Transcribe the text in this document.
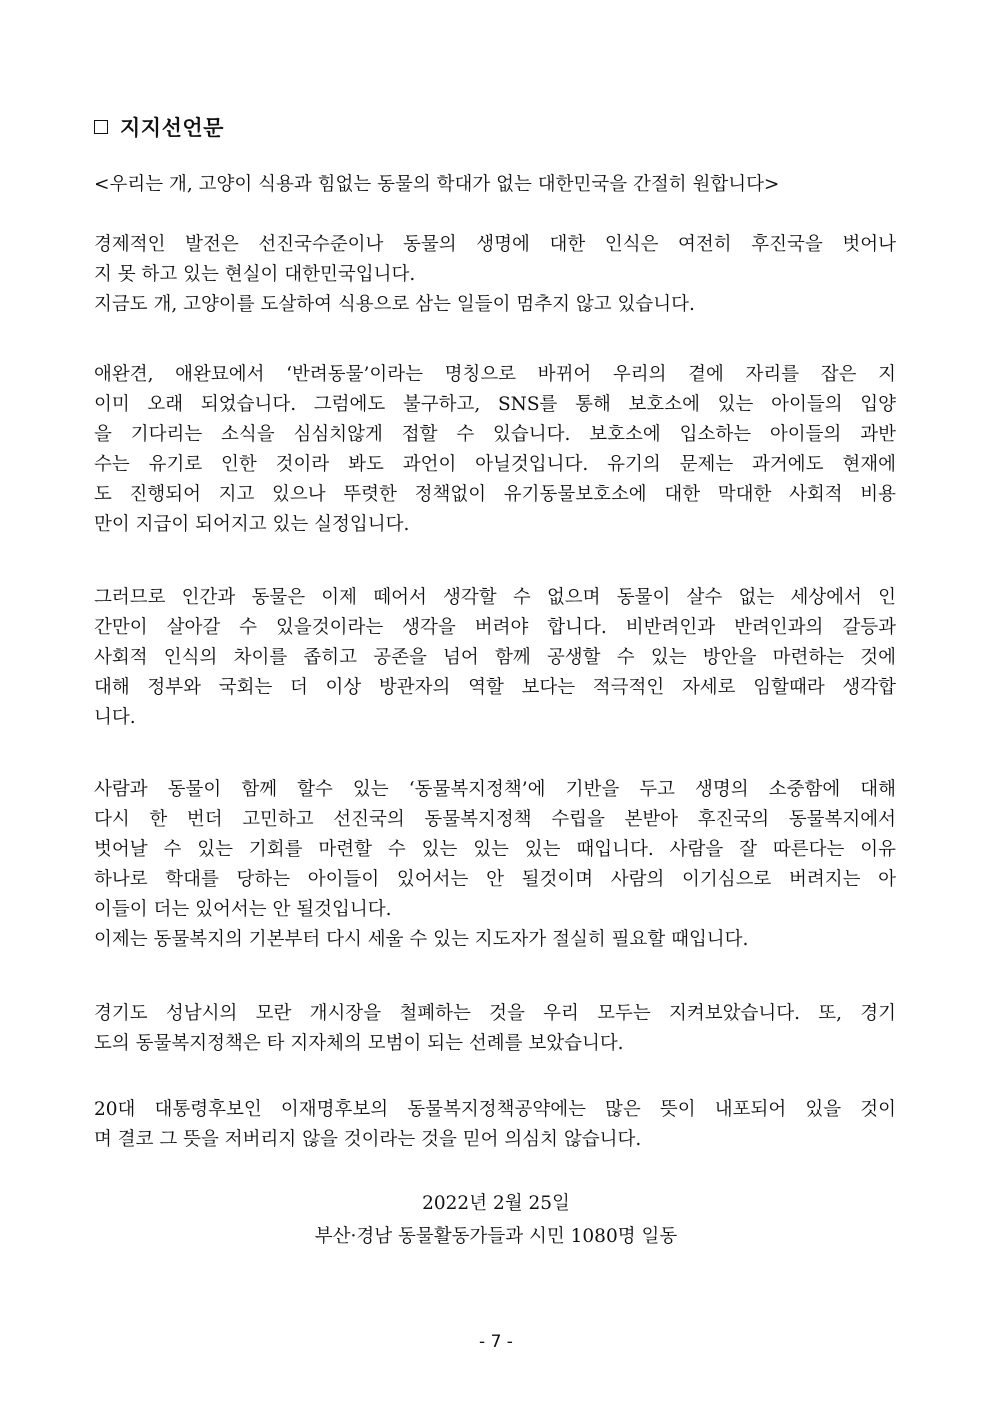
지지선언문
<우리는 개, 고양이 식용과 힘없는 동물의 학대가 없는 대한민국을 간절히 원합니다>
경제적인 발전은 선진국수준이나 동물의 생명에 대한 인식은 여전히 후진국을 벗어나
지 못 하고 있는 현실이 대한민국입니다.
지금도 개, 고양이를 도살하여 식용으로 삼는 일들이 멈추지 않고 있습니다.
애완견, 애완묘에서 ‘반려동물’이라는 명칭으로 바뀌어 우리의 곁에 자리를 잡은 지
이미 오래 되었습니다. 그럼에도 불구하고, SNS를 통해 보호소에 있는 아이들의 입양
을 기다리는 소식을 심심치않게 접할 수 있습니다. 보호소에 입소하는 아이들의 과반
수는 유기로 인한 것이라 봐도 과언이 아닐것입니다. 유기의 문제는 과거에도 현재에
도 진행되어 지고 있으나 뚜렷한 정책없이 유기동물보호소에 대한 막대한 사회적 비용
만이 지급이 되어지고 있는 실정입니다.
그러므로 인간과 동물은 이제 떼어서 생각할 수 없으며 동물이 살수 없는 세상에서 인
간만이 살아갈 수 있을것이라는 생각을 버려야 합니다. 비반려인과 반려인과의 갈등과
사회적 인식의 차이를 좁히고 공존을 넘어 함께 공생할 수 있는 방안을 마련하는 것에
대해 정부와 국회는 더 이상 방관자의 역할 보다는 적극적인 자세로 임할때라 생각합
니다.
사람과 동물이 함께 할수 있는 ‘동물복지정책’에 기반을 두고 생명의 소중함에 대해
다시 한 번더 고민하고 선진국의 동물복지정책 수립을 본받아 후진국의 동물복지에서
벗어날 수 있는 기회를 마련할 수 있는 있는 있는 때입니다. 사람을 잘 따른다는 이유
하나로 학대를 당하는 아이들이 있어서는 안 될것이며 사람의 이기심으로 버려지는 아
이들이 더는 있어서는 안 될것입니다.
이제는 동물복지의 기본부터 다시 세울 수 있는 지도자가 절실히 필요할 때입니다.
경기도 성남시의 모란 개시장을 철폐하는 것을 우리 모두는 지켜보았습니다. 또, 경기
도의 동물복지정책은 타 지자체의 모범이 되는 선례를 보았습니다.
20대 대통령후보인 이재명후보의 동물복지정책공약에는 많은 뜻이 내포되어 있을 것이
며 결코 그 뜻을 저버리지 않을 것이라는 것을 믿어 의심치 않습니다.
2022년 2월 25일
부산·경남 동물활동가들과 시민 1080명 일동
- 7 -
